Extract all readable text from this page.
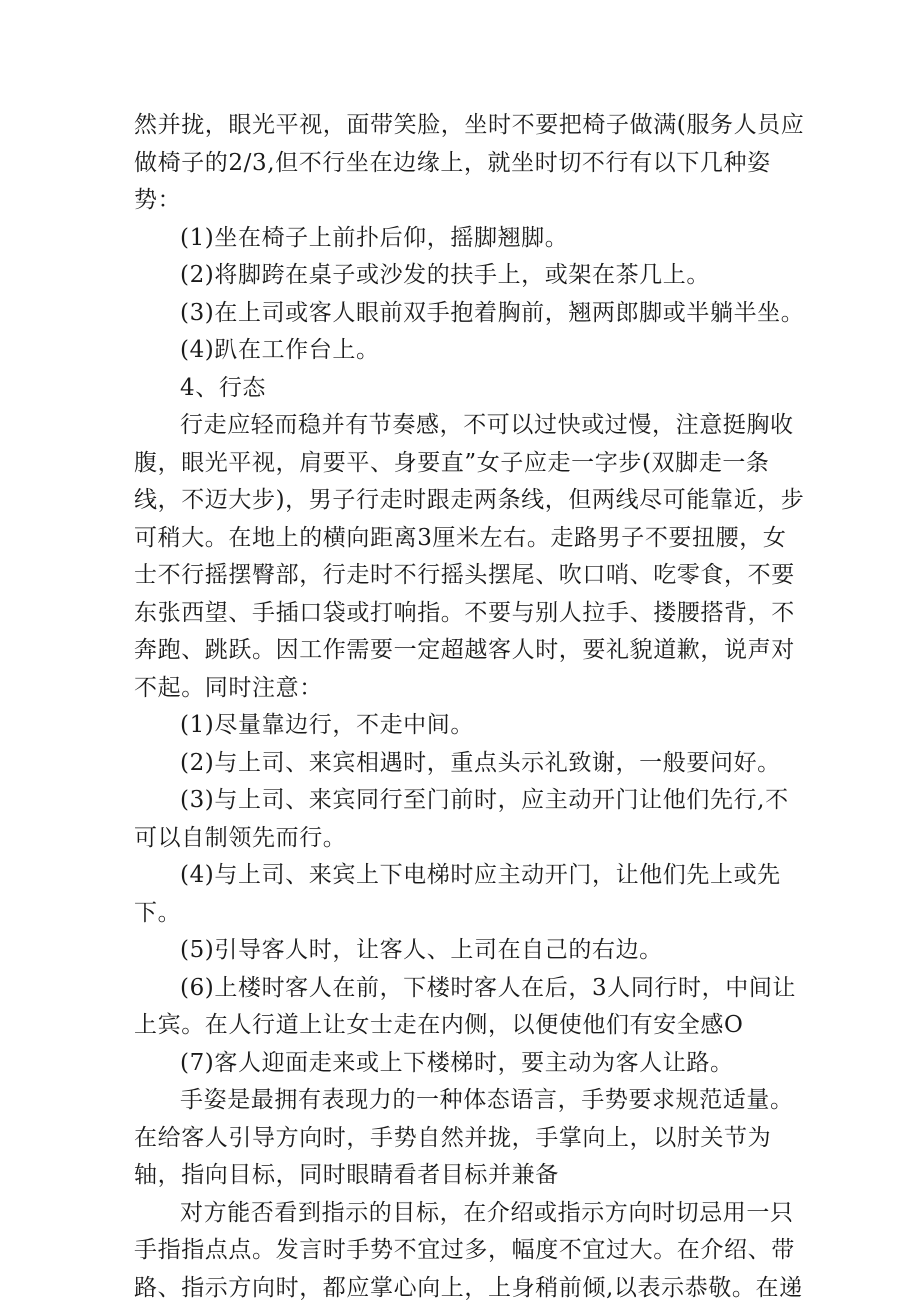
然并拢，眼光平视，面带笑脸，坐时不要把椅子做满(服务人员应

做椅子的2/3,但不行坐在边缘上，就坐时切不行有以下几种姿

势：

(1)坐在椅子上前扑后仰，摇脚翘脚。

(2)将脚跨在桌子或沙发的扶手上，或架在茶几上。

(3)在上司或客人眼前双手抱着胸前，翘两郎脚或半躺半坐。

(4)趴在工作台上。

4、行态

行走应轻而稳并有节奏感，不可以过快或过慢，注意挺胸收

腹，眼光平视，肩要平、身要直”女子应走一字步(双脚走一条

线，不迈大步)，男子行走时跟走两条线，但两线尽可能靠近，步

可稍大。在地上的横向距离3厘米左右。走路男子不要扭腰，女

士不行摇摆臀部，行走时不行摇头摆尾、吹口哨、吃零食，不要

东张西望、手插口袋或打响指。不要与别人拉手、搂腰搭背，不

奔跑、跳跃。因工作需要一定超越客人时，要礼貌道歉，说声对

不起。同时注意：

(1)尽量靠边行，不走中间。

(2)与上司、来宾相遇时，重点头示礼致谢，一般要问好。

(3)与上司、来宾同行至门前时，应主动开门让他们先行,不

可以自制领先而行。

(4)与上司、来宾上下电梯时应主动开门，让他们先上或先

下。

(5)引导客人时，让客人、上司在自己的右边。

(6)上楼时客人在前，下楼时客人在后，3人同行时，中间让

上宾。在人行道上让女士走在内侧，以便使他们有安全感O

(7)客人迎面走来或上下楼梯时，要主动为客人让路。

手姿是最拥有表现力的一种体态语言，手势要求规范适量。

在给客人引导方向时，手势自然并拢，手掌向上，以肘关节为

轴，指向目标，同时眼睛看者目标并兼备

对方能否看到指示的目标，在介绍或指示方向时切忌用一只

手指指点点。发言时手势不宜过多，幅度不宜过大。在介绍、带

路、指示方向时，都应掌心向上，上身稍前倾,以表示恭敬。在递
